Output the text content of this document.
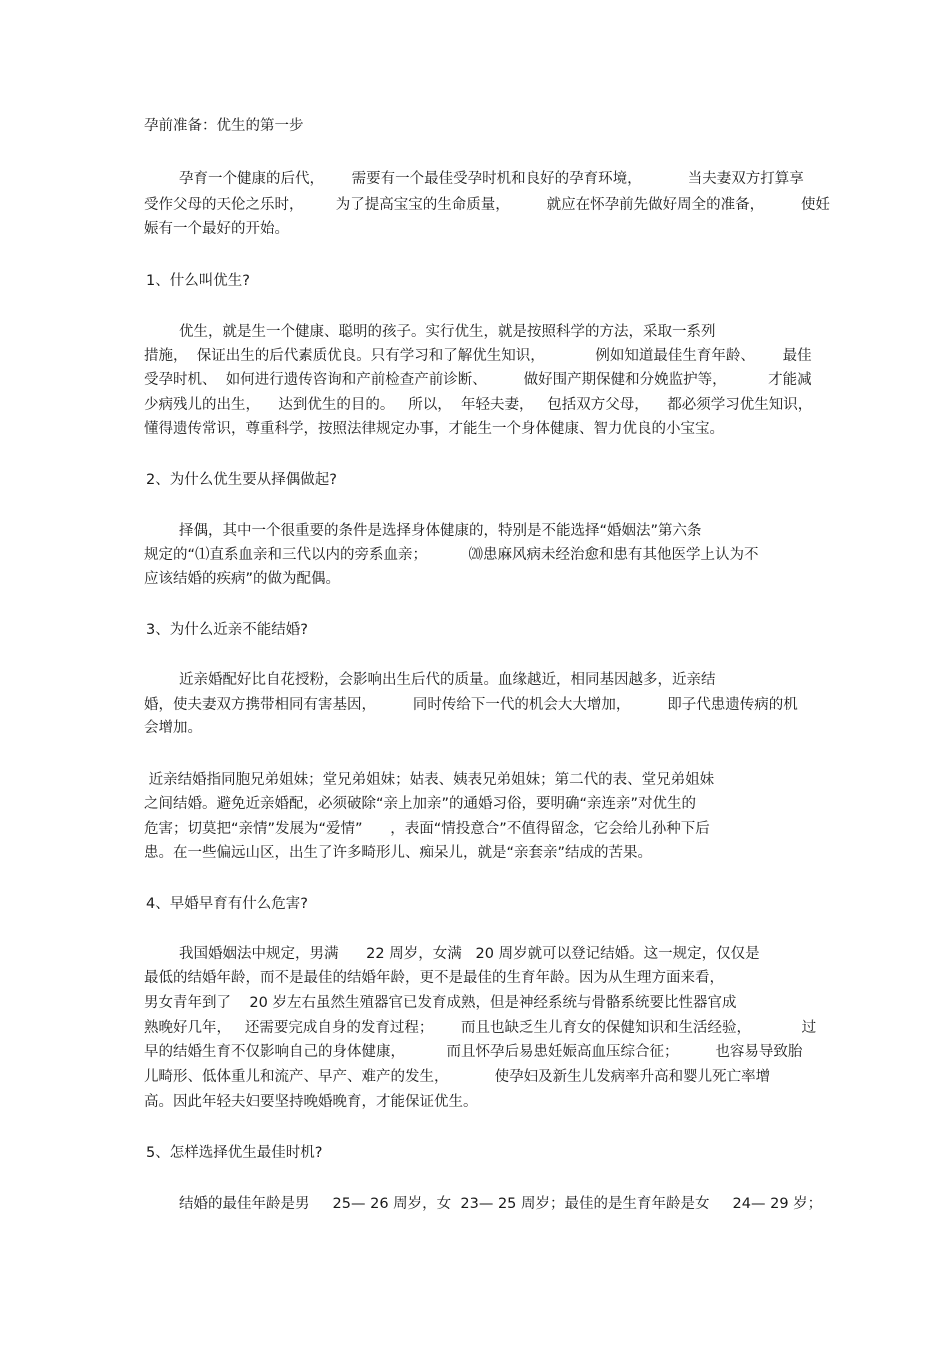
孕前准备：优生的第一步
孕育一个健康的后代，      需要有一个最佳受孕时机和良好的孕育环境，          当夫妻双方打算享
受作父母的天伦之乐时，       为了提高宝宝的生命质量，        就应在怀孕前先做好周全的准备，        使妊
娠有一个最好的开始。
1、什么叫优生?
优生，就是生一个健康、聪明的孩子。实行优生，就是按照科学的方法，采取一系列
措施，  保证出生的后代素质优良。只有学习和了解优生知识，           例如知道最佳生育年龄、      最佳
受孕时机、  如何进行遗传咨询和产前检查产前诊断、        做好围产期保健和分娩监护等，         才能减
少病残儿的出生，    达到优生的目的。   所以，  年轻夫妻，   包括双方父母，    都必须学习优生知识，
懂得遗传常识，尊重科学，按照法律规定办事，才能生一个身体健康、智力优良的小宝宝。
2、为什么优生要从择偶做起?
择偶，其中一个很重要的条件是选择身体健康的，特别是不能选择“婚姻法”第六条
规定的“⑴直系血亲和三代以内的旁系血亲；         ⒇患麻风病未经治愈和患有其他医学上认为不
应该结婚的疾病”的做为配偶。
3、为什么近亲不能结婚?
近亲婚配好比自花授粉，会影响出生后代的质量。血缘越近，相同基因越多，近亲结
婚，使夫妻双方携带相同有害基因，        同时传给下一代的机会大大增加，        即子代患遗传病的机
会增加。
近亲结婚指同胞兄弟姐妹；堂兄弟姐妹；姑表、姨表兄弟姐妹；第二代的表、堂兄弟姐妹
之间结婚。避免近亲婚配，必须破除“亲上加亲”的通婚习俗，要明确“亲连亲”对优生的
危害；切莫把“亲情”发展为“爱情”      ，表面“情投意合”不值得留念，它会给儿孙种下后
患。在一些偏远山区，出生了许多畸形儿、痴呆儿，就是“亲套亲”结成的苦果。
4、早婚早育有什么危害?
我国婚姻法中规定，男满      22 周岁，女满   20 周岁就可以登记结婚。这一规定，仅仅是
最低的结婚年龄，而不是最佳的结婚年龄，更不是最佳的生育年龄。因为从生理方面来看，
男女青年到了    20 岁左右虽然生殖器官已发育成熟，但是神经系统与骨骼系统要比性器官成
熟晚好几年，   还需要完成自身的发育过程；      而且也缺乏生儿育女的保健知识和生活经验，           过
早的结婚生育不仅影响自己的身体健康，         而且怀孕后易患妊娠高血压综合征；        也容易导致胎
儿畸形、低体重儿和流产、早产、难产的发生，          使孕妇及新生儿发病率升高和婴儿死亡率增
高。因此年轻夫妇要坚持晚婚晚育，才能保证优生。
5、怎样选择优生最佳时机?
结婚的最佳年龄是男     25— 26 周岁，女  23— 25 周岁；最佳的是生育年龄是女     24— 29 岁；
